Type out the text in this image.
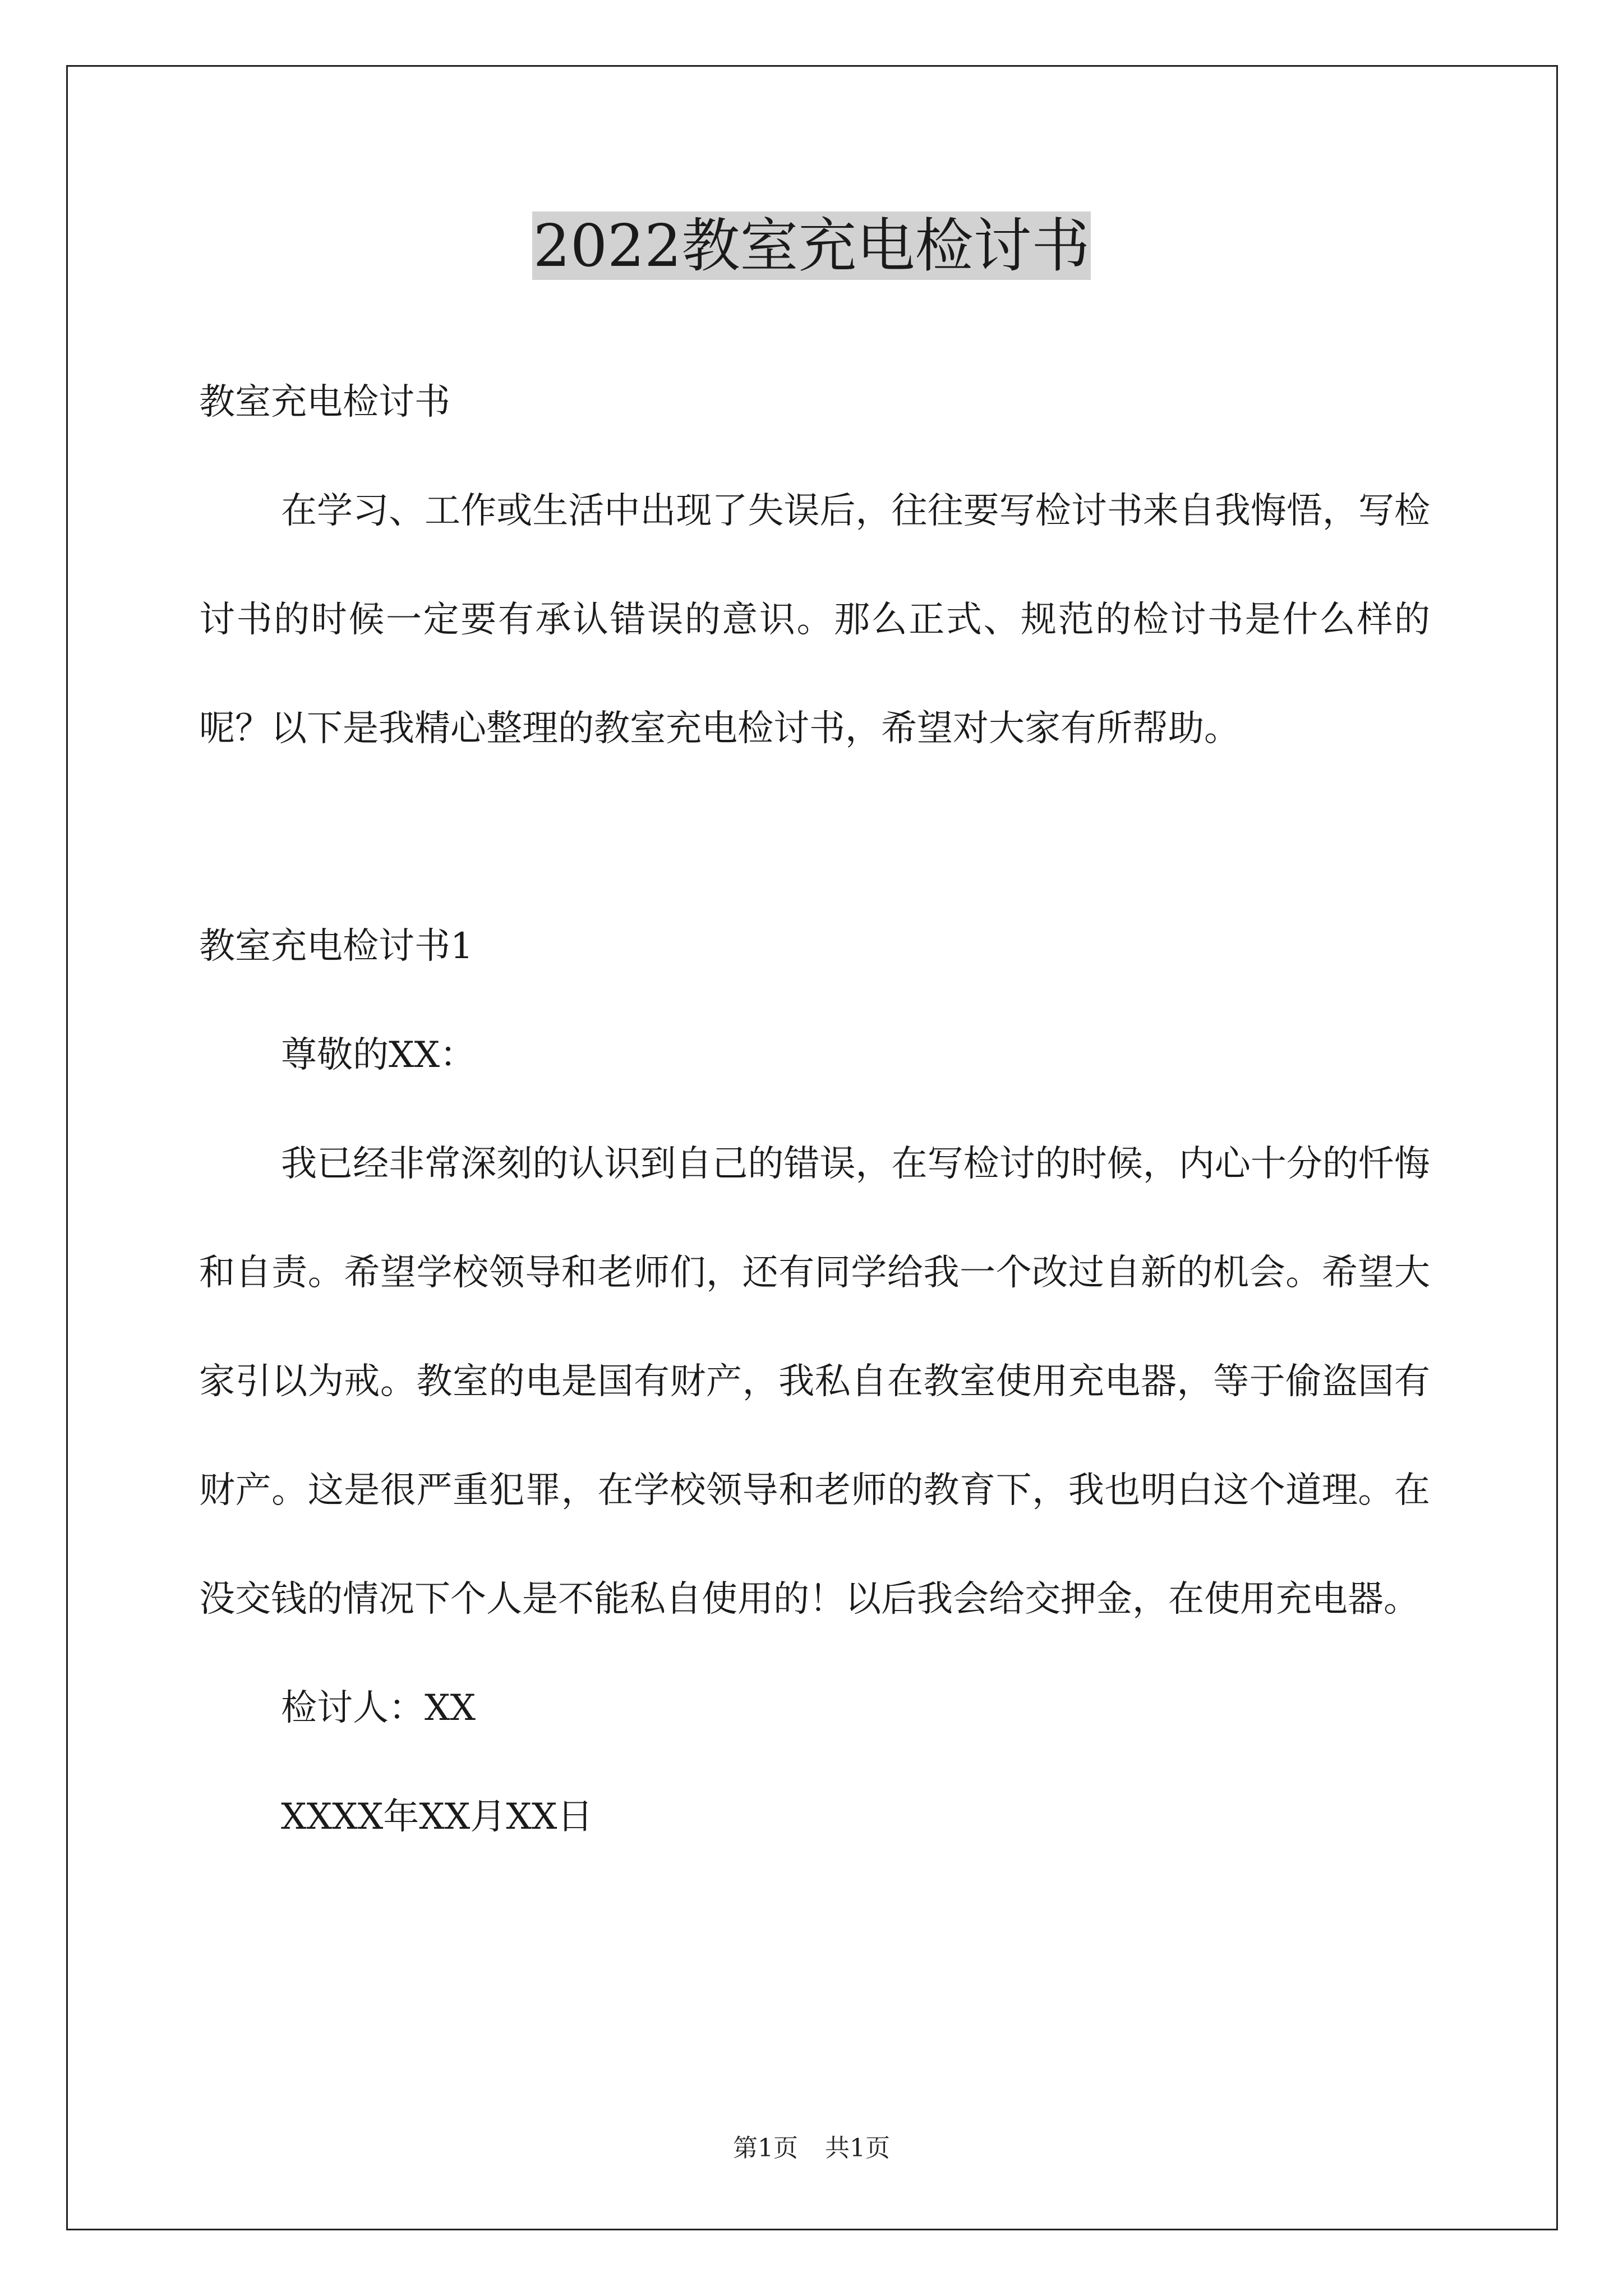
2022教室充电检讨书

教室充电检讨书

在学习、工作或生活中出现了失误后，往往要写检讨书来自我悔悟，写检讨书的时候一定要有承认错误的意识。那么正式、规范的检讨书是什么样的呢？以下是我精心整理的教室充电检讨书，希望对大家有所帮助。

教室充电检讨书1

尊敬的XX：

我已经非常深刻的认识到自己的错误，在写检讨的时候，内心十分的忏悔和自责。希望学校领导和老师们，还有同学给我一个改过自新的机会。希望大家引以为戒。教室的电是国有财产，我私自在教室使用充电器，等于偷盗国有财产。这是很严重犯罪，在学校领导和老师的教育下，我也明白这个道理。在没交钱的情况下个人是不能私自使用的！以后我会给交押金，在使用充电器。

检讨人：XX

XXXX年XX月XX日

第1页 共1页
